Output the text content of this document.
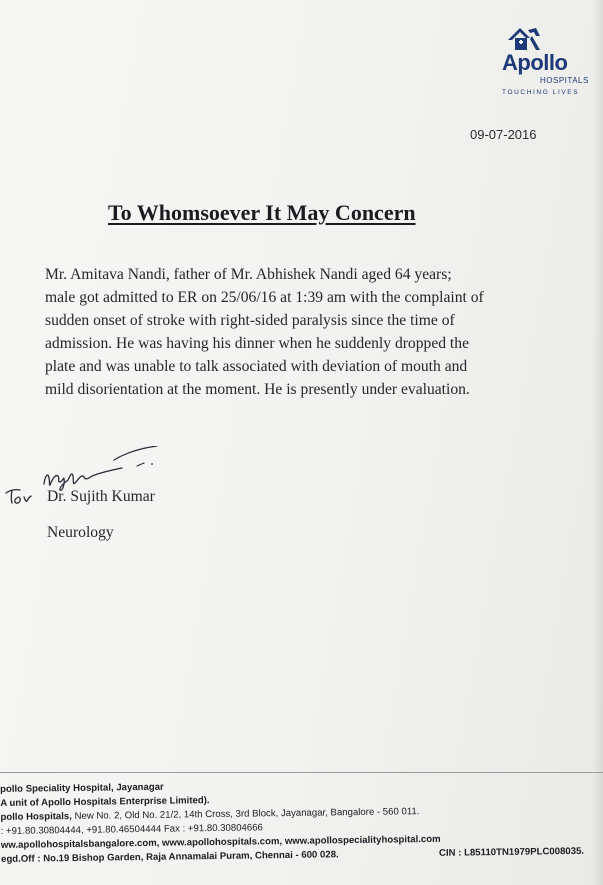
Apollo
HOSPITALS
TOUCHING LIVES
09-07-2016
To Whomsoever It May Concern
Mr. Amitava Nandi, father of Mr. Abhishek Nandi aged 64 years;
male got admitted to ER on 25/06/16 at 1:39 am with the complaint of
sudden onset of stroke with right-sided paralysis since the time of
admission. He was having his dinner when he suddenly dropped the
plate and was unable to talk associated with deviation of mouth and
mild disorientation at the moment. He is presently under evaluation.
Dr. Sujith Kumar
Neurology
pollo Speciality Hospital, Jayanagar
A unit of Apollo Hospitals Enterprise Limited).
pollo Hospitals, New No. 2, Old No. 21/2, 14th Cross, 3rd Block, Jayanagar, Bangalore - 560 011.
: +91.80.30804444, +91.80.46504444 Fax : +91.80.30804666
ww.apollohospitalsbangalore.com, www.apollohospitals.com, www.apollospecialityhospital.com
egd.Off : No.19 Bishop Garden, Raja Annamalai Puram, Chennai - 600 028.	CIN : L85110TN1979PLC008035.
